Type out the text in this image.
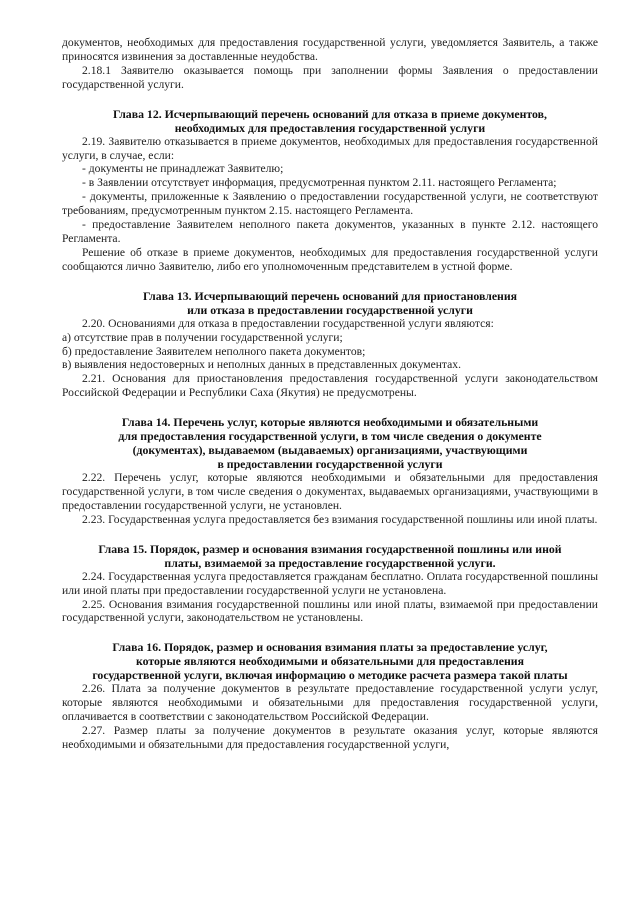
документов, необходимых для предоставления государственной услуги, уведомляется Заявитель, а также приносятся извинения за доставленные неудобства.

2.18.1 Заявителю оказывается помощь при заполнении формы Заявления о предоставлении государственной услуги.

Глава 12. Исчерпывающий перечень оснований для отказа в приеме документов,
необходимых для предоставления государственной услуги

2.19. Заявителю отказывается в приеме документов, необходимых для предоставления государственной услуги, в случае, если:

- документы не принадлежат Заявителю;

- в Заявлении отсутствует информация, предусмотренная пунктом 2.11. настоящего Регламента;

- документы, приложенные к Заявлению о предоставлении государственной услуги, не соответствуют требованиям, предусмотренным пунктом 2.15. настоящего Регламента.

- предоставление Заявителем неполного пакета документов, указанных в пункте 2.12. настоящего Регламента.

Решение об отказе в приеме документов, необходимых для предоставления государственной услуги сообщаются лично Заявителю, либо его уполномоченным представителем в устной форме.

Глава 13. Исчерпывающий перечень оснований для приостановления
или отказа в предоставлении государственной услуги

2.20. Основаниями для отказа в предоставлении государственной услуги являются:

а) отсутствие прав в получении государственной услуги;

б) предоставление Заявителем неполного пакета документов;

в) выявления недостоверных и неполных данных в представленных документах.

2.21. Основания для приостановления предоставления государственной услуги законодательством Российской Федерации и Республики Саха (Якутия) не предусмотрены.

Глава 14. Перечень услуг, которые являются необходимыми и обязательными
для предоставления государственной услуги, в том числе сведения о документе
(документах), выдаваемом (выдаваемых) организациями, участвующими
в предоставлении государственной услуги

2.22. Перечень услуг, которые являются необходимыми и обязательными для предоставления государственной услуги, в том числе сведения о документах, выдаваемых организациями, участвующими в предоставлении государственной услуги, не установлен.

2.23. Государственная услуга предоставляется без взимания государственной пошлины или иной платы.

Глава 15. Порядок, размер и основания взимания государственной пошлины или иной
платы, взимаемой за предоставление государственной услуги.

2.24. Государственная услуга предоставляется гражданам бесплатно. Оплата государственной пошлины или иной платы при предоставлении государственной услуги не установлена.

2.25. Основания взимания государственной пошлины или иной платы, взимаемой при предоставлении государственной услуги, законодательством не установлены.

Глава 16. Порядок, размер и основания взимания платы за предоставление услуг,
которые являются необходимыми и обязательными для предоставления
государственной услуги, включая информацию о методике расчета размера такой платы

2.26. Плата за получение документов в результате предоставление государственной услуги услуг, которые являются необходимыми и обязательными для предоставления государственной услуги, оплачивается в соответствии с законодательством Российской Федерации.

2.27. Размер платы за получение документов в результате оказания услуг, которые являются необходимыми и обязательными для предоставления государственной услуги,
